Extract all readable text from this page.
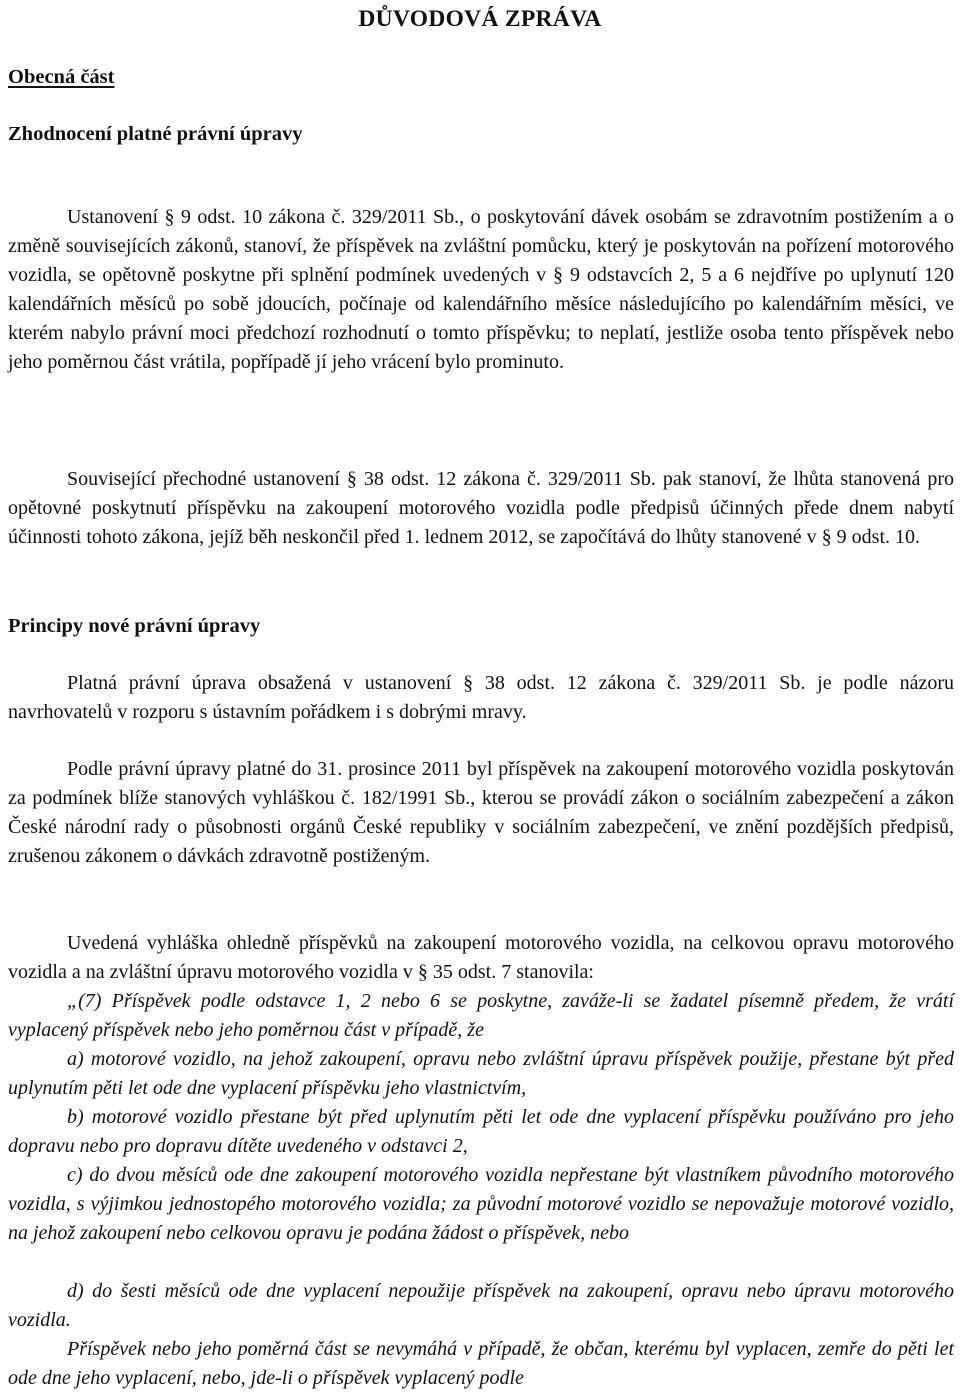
DŮVODOVÁ ZPRÁVA
Obecná část
Zhodnocení platné právní úpravy

Ustanovení § 9 odst. 10 zákona č. 329/2011 Sb., o poskytování dávek osobám se zdravotním postižením a o změně souvisejících zákonů, stanoví, že příspěvek na zvláštní pomůcku, který je poskytován na pořízení motorového vozidla, se opětovně poskytne při splnění podmínek uvedených v § 9 odstavcích 2, 5 a 6 nejdříve po uplynutí 120 kalendářních měsíců po sobě jdoucích, počínaje od kalendářního měsíce následujícího po kalendářním měsíci, ve kterém nabylo právní moci předchozí rozhodnutí o tomto příspěvku; to neplatí, jestliže osoba tento příspěvek nebo jeho poměrnou část vrátila, popřípadě jí jeho vrácení bylo prominuto.

Související přechodné ustanovení § 38 odst. 12 zákona č. 329/2011 Sb. pak stanoví, že lhůta stanovená pro opětovné poskytnutí příspěvku na zakoupení motorového vozidla podle předpisů účinných přede dnem nabytí účinnosti tohoto zákona, jejíž běh neskončil před 1. lednem 2012, se započítává do lhůty stanovené v § 9 odst. 10.

Principy nové právní úpravy

Platná právní úprava obsažená v ustanovení § 38 odst. 12 zákona č. 329/2011 Sb. je podle názoru navrhovatelů v rozporu s ústavním pořádkem i s dobrými mravy.

Podle právní úpravy platné do 31. prosince 2011 byl příspěvek na zakoupení motorového vozidla poskytován za podmínek blíže stanových vyhláškou č. 182/1991 Sb., kterou se provádí zákon o sociálním zabezpečení a zákon České národní rady o působnosti orgánů České republiky v sociálním zabezpečení, ve znění pozdějších předpisů, zrušenou zákonem o dávkách zdravotně postiženým.

Uvedená vyhláška ohledně příspěvků na zakoupení motorového vozidla, na celkovou opravu motorového vozidla a na zvláštní úpravu motorového vozidla v § 35 odst. 7 stanovila:

„(7) Příspěvek podle odstavce 1, 2 nebo 6 se poskytne, zaváže-li se žadatel písemně předem, že vrátí vyplacený příspěvek nebo jeho poměrnou část v případě, že

a) motorové vozidlo, na jehož zakoupení, opravu nebo zvláštní úpravu příspěvek použije, přestane být před uplynutím pěti let ode dne vyplacení příspěvku jeho vlastnictvím,

b) motorové vozidlo přestane být před uplynutím pěti let ode dne vyplacení příspěvku používáno pro jeho dopravu nebo pro dopravu dítěte uvedeného v odstavci 2,

c) do dvou měsíců ode dne zakoupení motorového vozidla nepřestane být vlastníkem původního motorového vozidla, s výjimkou jednostopého motorového vozidla; za původní motorové vozidlo se nepovažuje motorové vozidlo, na jehož zakoupení nebo celkovou opravu je podána žádost o příspěvek, nebo

d) do šesti měsíců ode dne vyplacení nepoužije příspěvek na zakoupení, opravu nebo úpravu motorového vozidla.

Příspěvek nebo jeho poměrná část se nevymáhá v případě, že občan, kterému byl vyplacen, zemře do pěti let ode dne jeho vyplacení, nebo, jde-li o příspěvek vyplacený podle
